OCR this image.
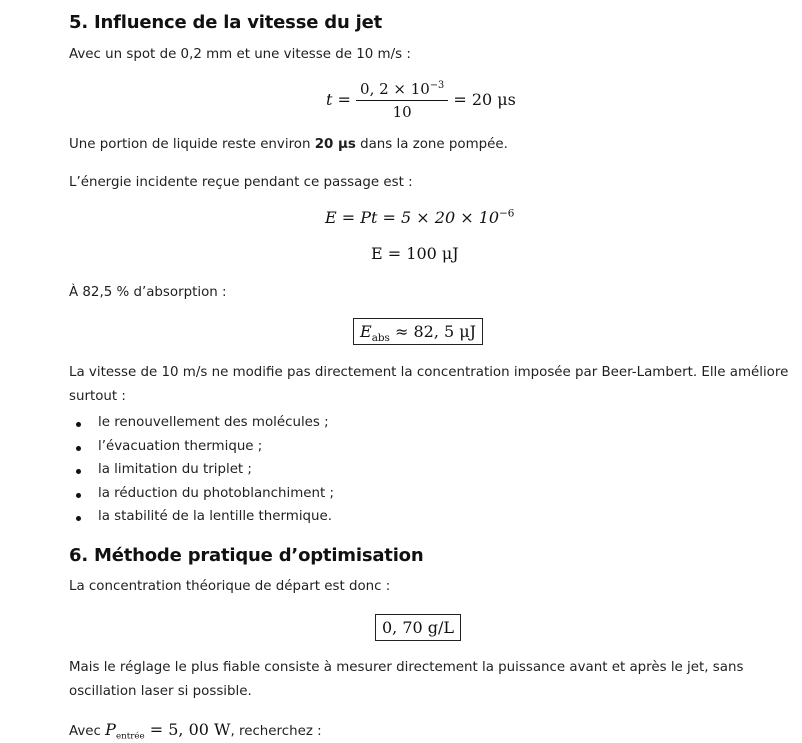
5. Influence de la vitesse du jet
Avec un spot de 0,2 mm et une vitesse de 10 m/s :
$t = \frac{0, 2 \times 10^{-3}}{10} = 20$ μs
Une portion de liquide reste environ 20 μs dans la zone pompée.
L’énergie incidente reçue pendant ce passage est :
$E = Pt = 5 \times 20 \times 10^{-6}$
E = 100 μJ
À 82,5 % d’absorption :
$E_{abs} \approx 82$, 5 μJ
La vitesse de 10 m/s ne modifie pas directement la concentration imposée par Beer-Lambert. Elle améliore
surtout :
le renouvellement des molécules ;
l’évacuation thermique ;
la limitation du triplet ;
la réduction du photoblanchiment ;
la stabilité de la lentille thermique.
6. Méthode pratique d’optimisation
La concentration théorique de départ est donc :
0, 70 g/L
Mais le réglage le plus fiable consiste à mesurer directement la puissance avant et après le jet, sans
oscillation laser si possible.
Avec $P_{entrée} = 5$, 00 W, recherchez :
